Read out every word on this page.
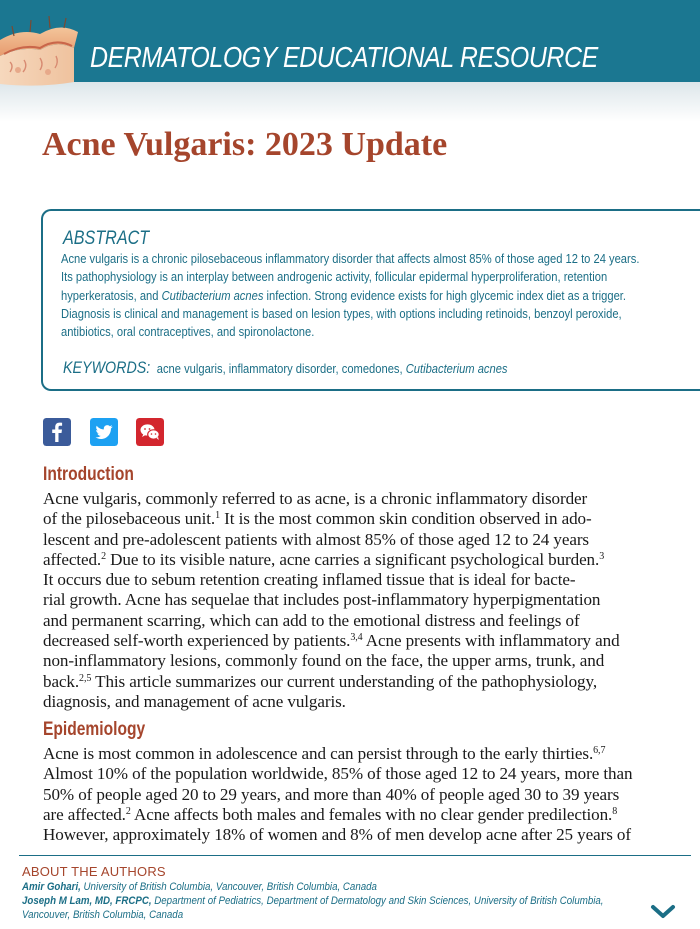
DERMATOLOGY EDUCATIONAL RESOURCE
Acne Vulgaris: 2023 Update
ABSTRACT
Acne vulgaris is a chronic pilosebaceous inflammatory disorder that affects almost 85% of those aged 12 to 24 years.
Its pathophysiology is an interplay between androgenic activity, follicular epidermal hyperproliferation, retention
hyperkeratosis, and Cutibacterium acnes infection. Strong evidence exists for high glycemic index diet as a trigger.
Diagnosis is clinical and management is based on lesion types, with options including retinoids, benzoyl peroxide,
antibiotics, oral contraceptives, and spironolactone.
KEYWORDS: acne vulgaris, inflammatory disorder, comedones, Cutibacterium acnes
Introduction
Acne vulgaris, commonly referred to as acne, is a chronic inflammatory disorder
of the pilosebaceous unit.$^1$ It is the most common skin condition observed in ado-
lescent and pre-adolescent patients with almost 85% of those aged 12 to 24 years
affected.$^2$ Due to its visible nature, acne carries a significant psychological burden.$^3$
It occurs due to sebum retention creating inflamed tissue that is ideal for bacte-
rial growth. Acne has sequelae that includes post-inflammatory hyperpigmentation
and permanent scarring, which can add to the emotional distress and feelings of
decreased self-worth experienced by patients.$^{3,4}$ Acne presents with inflammatory and
non-inflammatory lesions, commonly found on the face, the upper arms, trunk, and
back.$^{2,5}$ This article summarizes our current understanding of the pathophysiology,
diagnosis, and management of acne vulgaris.
Epidemiology
Acne is most common in adolescence and can persist through to the early thirties.$^{6,7}$
Almost 10% of the population worldwide, 85% of those aged 12 to 24 years, more than
50% of people aged 20 to 29 years, and more than 40% of people aged 30 to 39 years
are affected.$^2$ Acne affects both males and females with no clear gender predilection.$^8$
However, approximately 18% of women and 8% of men develop acne after 25 years of
ABOUT THE AUTHORS
Amir Gohari, University of British Columbia, Vancouver, British Columbia, Canada
Joseph M Lam, MD, FRCPC, Department of Pediatrics, Department of Dermatology and Skin Sciences, University of British Columbia,
Vancouver, British Columbia, Canada
